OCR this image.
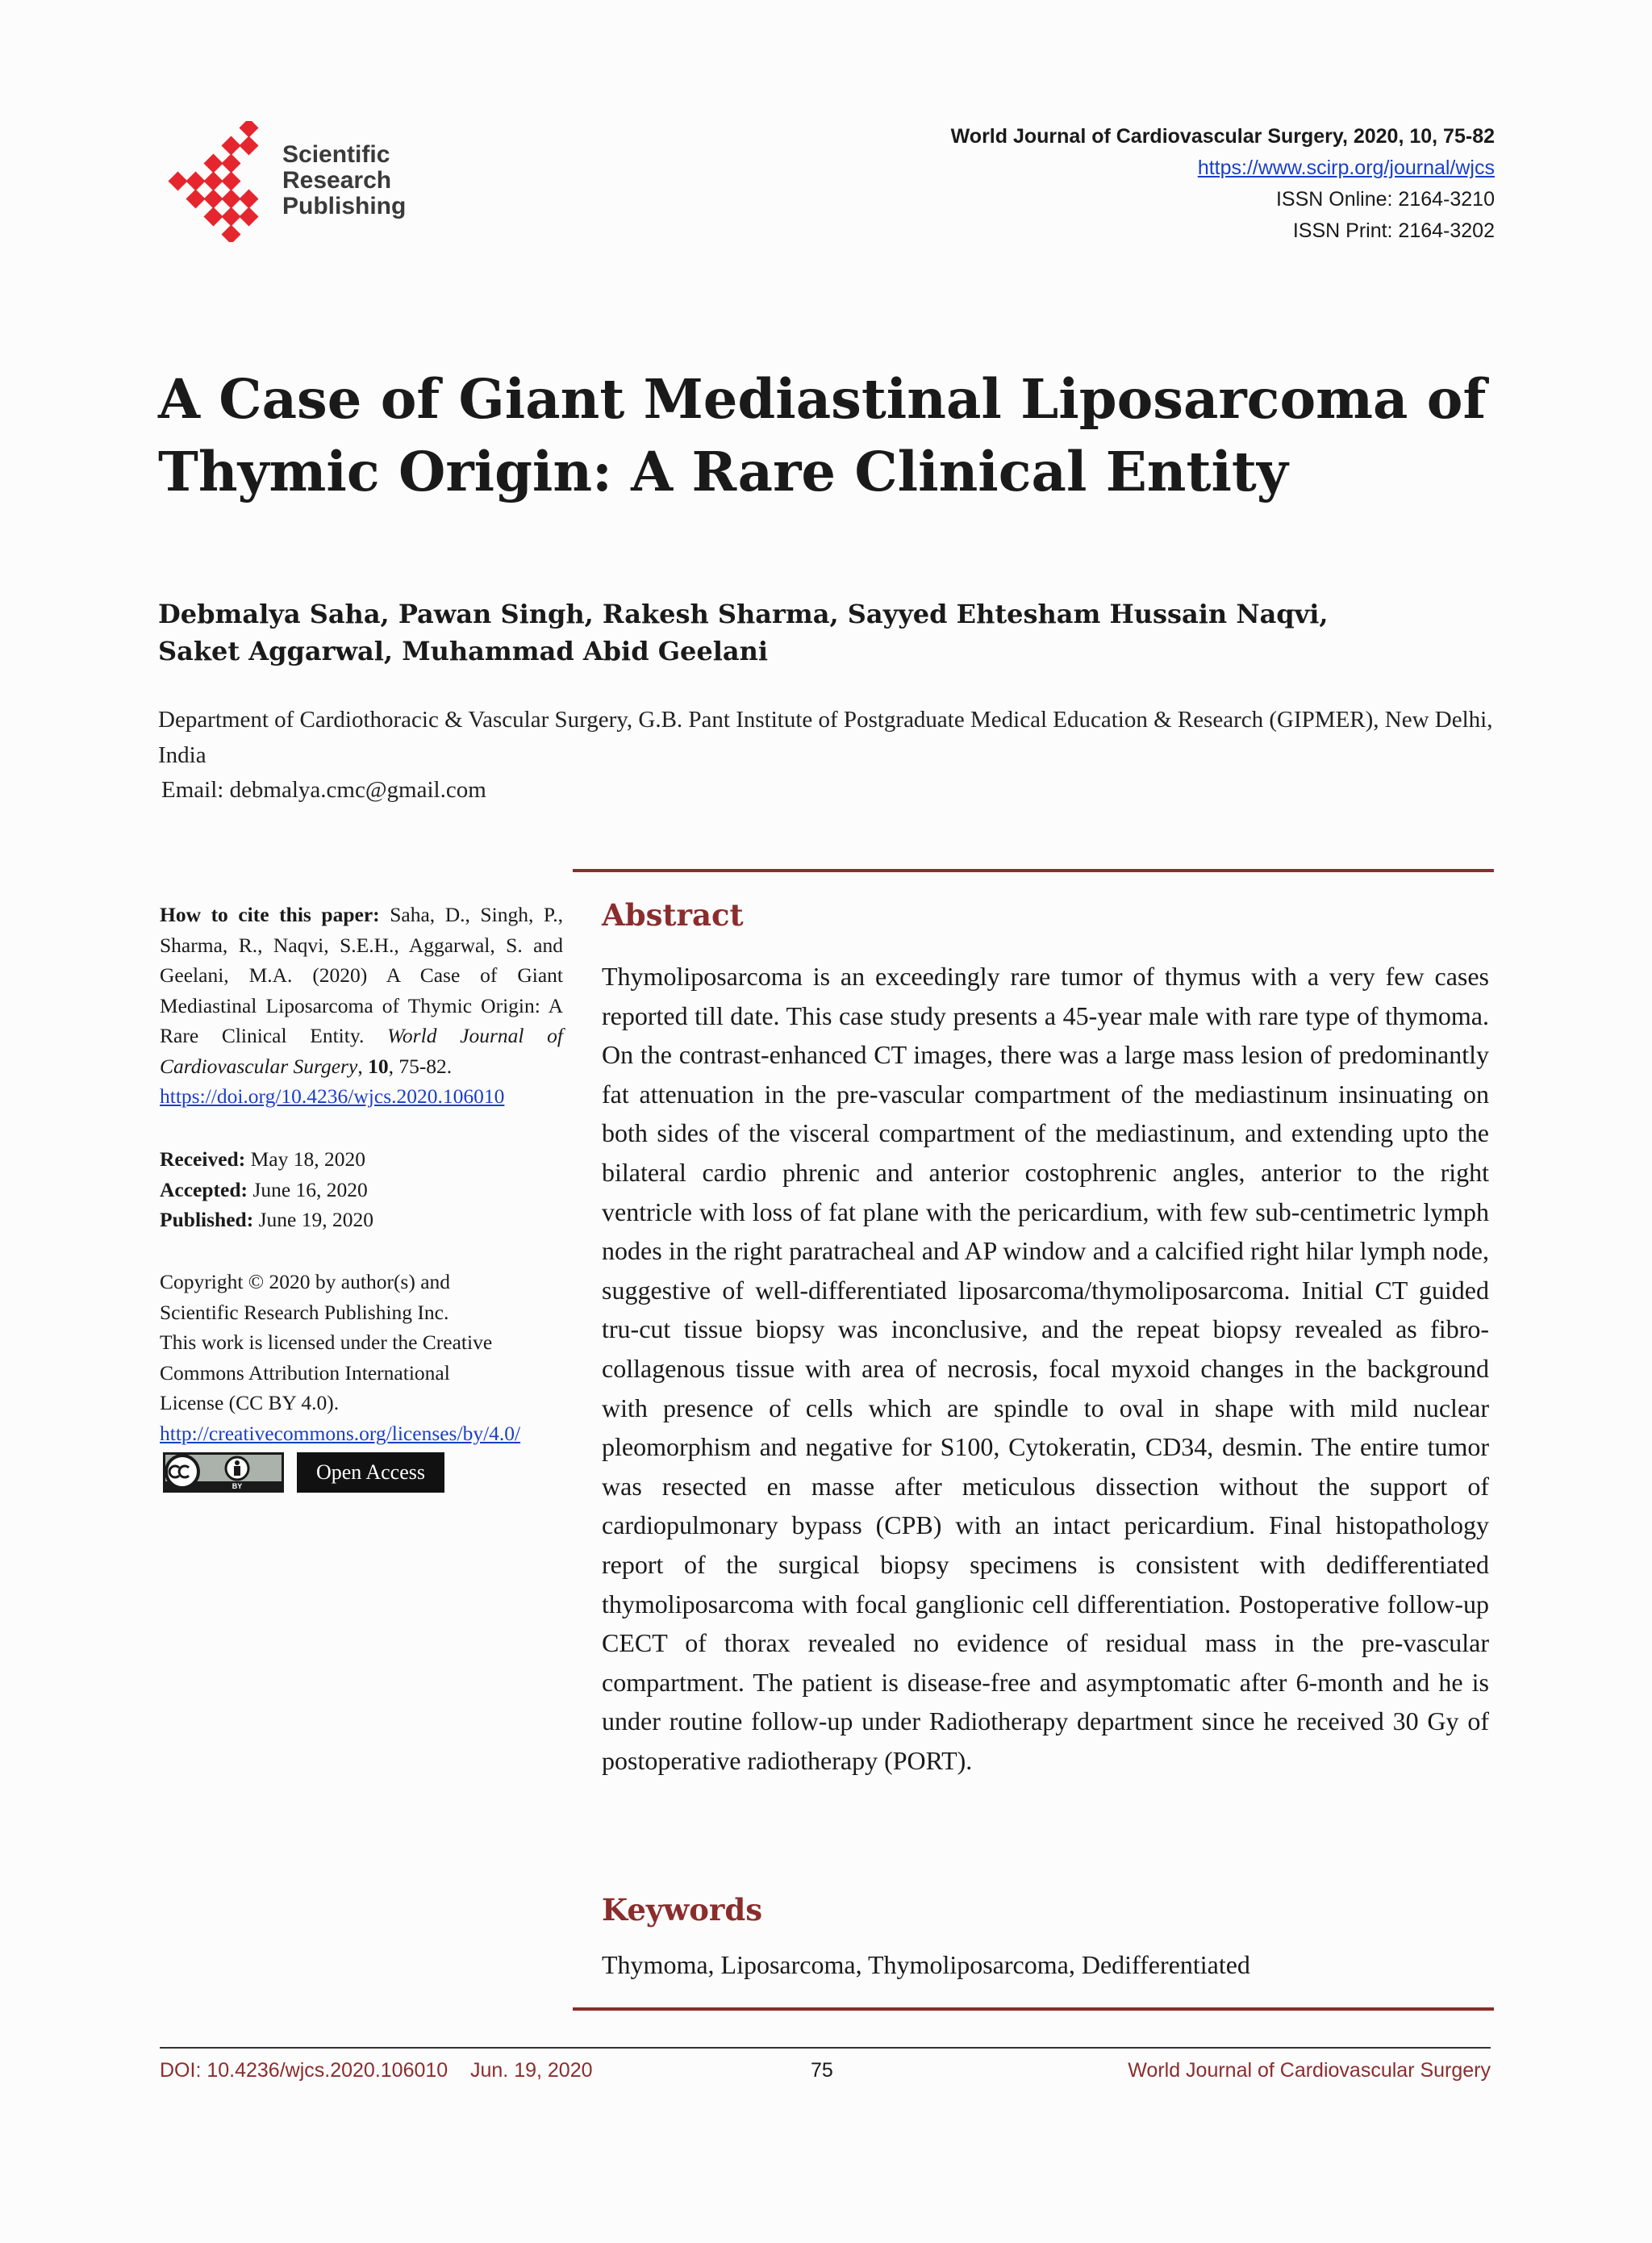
Scientific
Research
Publishing
World Journal of Cardiovascular Surgery, 2020, 10, 75-82
https://www.scirp.org/journal/wjcs
ISSN Online: 2164-3210
ISSN Print: 2164-3202
A Case of Giant Mediastinal Liposarcoma of
Thymic Origin: A Rare Clinical Entity
Debmalya Saha, Pawan Singh, Rakesh Sharma, Sayyed Ehtesham Hussain Naqvi,
Saket Aggarwal, Muhammad Abid Geelani
Department of Cardiothoracic & Vascular Surgery, G.B. Pant Institute of Postgraduate Medical Education & Research (GIPMER), New Delhi, India
Email: debmalya.cmc@gmail.com
How to cite this paper: Saha, D., Singh, P., Sharma, R., Naqvi, S.E.H., Aggarwal, S. and Geelani, M.A. (2020) A Case of Giant Mediastinal Liposarcoma of Thymic Origin: A Rare Clinical Entity. World Journal of Cardiovascular Surgery, 10, 75-82.
https://doi.org/10.4236/wjcs.2020.106010
Received: May 18, 2020
Accepted: June 16, 2020
Published: June 19, 2020
Copyright © 2020 by author(s) and
Scientific Research Publishing Inc.
This work is licensed under the Creative
Commons Attribution International
License (CC BY 4.0).
http://creativecommons.org/licenses/by/4.0/
BY
Open Access
Abstract
Thymoliposarcoma is an exceedingly rare tumor of thymus with a very few cases reported till date. This case study presents a 45-year male with rare type of thymoma. On the contrast-enhanced CT images, there was a large mass lesion of predominantly fat attenuation in the pre-vascular compartment of the mediastinum insinuating on both sides of the visceral compartment of the mediastinum, and extending upto the bilateral cardio phrenic and anterior costophrenic angles, anterior to the right ventricle with loss of fat plane with the pericardium, with few sub-centimetric lymph nodes in the right paratracheal and AP window and a calcified right hilar lymph node, suggestive of well-differentiated liposarcoma/thymoliposarcoma. Initial CT guided tru-cut tissue biopsy was inconclusive, and the repeat biopsy revealed as fibro-collagenous tissue with area of necrosis, focal myxoid changes in the background with presence of cells which are spindle to oval in shape with mild nuclear pleomorphism and negative for S100, Cytokeratin, CD34, desmin. The entire tumor was resected en masse after meticulous dissection without the support of cardiopulmonary bypass (CPB) with an intact pericardium. Final histopathology report of the surgical biopsy specimens is consistent with dedifferentiated thymoliposarcoma with focal ganglionic cell differentiation. Postoperative follow-up CECT of thorax revealed no evidence of residual mass in the pre-vascular compartment. The patient is disease-free and asymptomatic after 6-month and he is under routine follow-up under Radiotherapy department since he received 30 Gy of postoperative radiotherapy (PORT).
Keywords
Thymoma, Liposarcoma, Thymoliposarcoma, Dedifferentiated
DOI: 10.4236/wjcs.2020.106010 Jun. 19, 2020	75	World Journal of Cardiovascular Surgery
